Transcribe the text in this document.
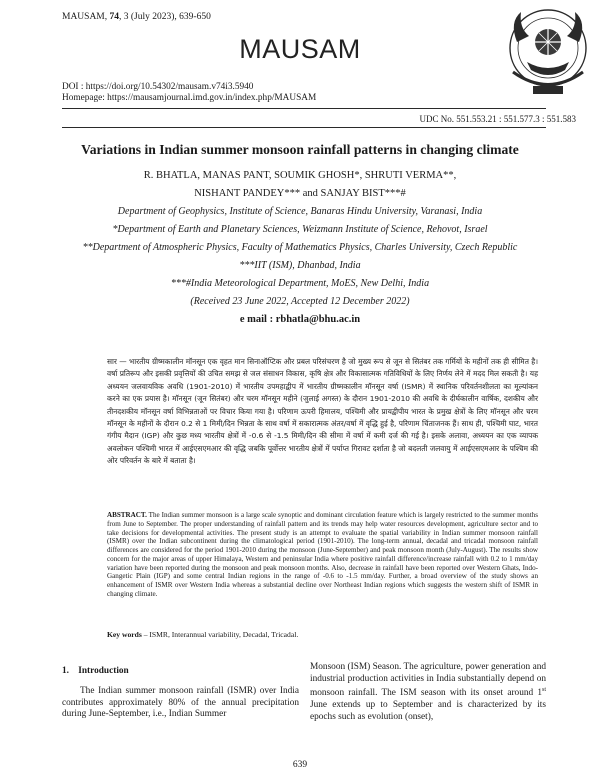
MAUSAM, 74, 3 (July 2023), 639-650
MAUSAM
DOI : https://doi.org/10.54302/mausam.v74i3.5940
Homepage: https://mausamjournal.imd.gov.in/index.php/MAUSAM
UDC No. 551.553.21 : 551.577.3 : 551.583
Variations in Indian summer monsoon rainfall patterns in changing climate
R. BHATLA, MANAS PANT, SOUMIK GHOSH*, SHRUTI VERMA**,
NISHANT PANDEY*** and SANJAY BIST***#
Department of Geophysics, Institute of Science, Banaras Hindu University, Varanasi, India
*Department of Earth and Planetary Sciences, Weizmann Institute of Science, Rehovot, Israel
**Department of Atmospheric Physics, Faculty of Mathematics Physics, Charles University, Czech Republic
***IIT (ISM), Dhanbad, India
***#India Meteorological Department, MoES, New Delhi, India
(Received 23 June 2022, Accepted 12 December 2022)
e mail : rbhatla@bhu.ac.in
सार — भारतीय ग्रीष्मकालीन मॉनसून एक वृहत मान सिनाऑप्टिक और प्रबल परिसंचरण है जो मुख्य रूप से जून से सितंबर तक गर्मियों के महीनों तक ही सीमित है। वर्षा प्रतिरूप और इसकी प्रवृत्तियों की उचित समझ से जल संसाधन विकास, कृषि क्षेत्र और विकासात्मक गतिविधियों के लिए निर्णय लेने में मदद मिल सकती है। यह अध्ययन जलवायविक अवधि (1901-2010) में भारतीय उपमहाद्वीप में भारतीय ग्रीष्मकालीन मॉनसून वर्षा (ISMR) में स्थानिक परिवर्तनशीलता का मूल्यांकन करने का एक प्रयास है। मॉनसून (जून सितंबर) और चरम मॉनसून महीने (जुलाई अगस्त) के दौरान 1901-2010 की अवधि के दीर्घकालीन वार्षिक, दशकीय और तीनदशकीय मॉनसून वर्षा विभिन्नताओं पर विचार किया गया है। परिणाम ऊपरी हिमालय, पश्चिमी और प्रायद्वीपीय भारत के प्रमुख क्षेत्रों के लिए मॉनसून और चरम मॉनसून के महीनों के दौरान 0.2 से 1 मिमी/दिन भिन्नता के साथ वर्षा में सकारात्मक अंतर/वर्षा में वृद्धि हुई है, परिणाम चिंताजनक हैं। साथ ही, पश्चिमी घाट, भारत गंगीय मैदान (IGP) और कुछ मध्य भारतीय क्षेत्रों में -0.6 से -1.5 मिमी/दिन की सीमा में वर्षा में कमी दर्ज की गई है। इसके अलावा, अध्ययन का एक व्यापक अवलोकन पश्चिमी भारत में आईएसएमआर की वृद्धि जबकि पूर्वोत्तर भारतीय क्षेत्रों में पर्याप्त गिरावट दर्शाता है जो बदलती जलवायु में आईएसएमआर के पश्चिम की ओर परिवर्तन के बारे में बताता है।
ABSTRACT. The Indian summer monsoon is a large scale synoptic and dominant circulation feature which is largely restricted to the summer months from June to September. The proper understanding of rainfall pattern and its trends may help water resources development, agriculture sector and to take decisions for developmental activities. The present study is an attempt to evaluate the spatial variability in Indian summer monsoon rainfall (ISMR) over the Indian subcontinent during the climatological period (1901-2010). The long-term annual, decadal and tricadal monsoon rainfall differences are considered for the period 1901-2010 during the monsoon (June-September) and peak monsoon month (July-August). The results show concern for the major areas of upper Himalaya, Western and peninsular India where positive rainfall difference/increase rainfall with 0.2 to 1 mm/day variation have been reported during the monsoon and peak monsoon months. Also, decrease in rainfall have been reported over Western Ghats, Indo-Gangetic Plain (IGP) and some central Indian regions in the range of -0.6 to -1.5 mm/day. Further, a broad overview of the study shows an enhancement of ISMR over Western India whereas a substantial decline over Northeast Indian regions which suggests the western shift of ISMR in changing climate.
Key words – ISMR, Interannual variability, Decadal, Tricadal.
1.    Introduction
The Indian summer monsoon rainfall (ISMR) over India contributes approximately 80% of the annual precipitation during June-September, i.e., Indian Summer
Monsoon (ISM) Season. The agriculture, power generation and industrial production activities in India substantially depend on monsoon rainfall. The ISM season with its onset around 1st June extends up to September and is characterized by its epochs such as evolution (onset),
639
